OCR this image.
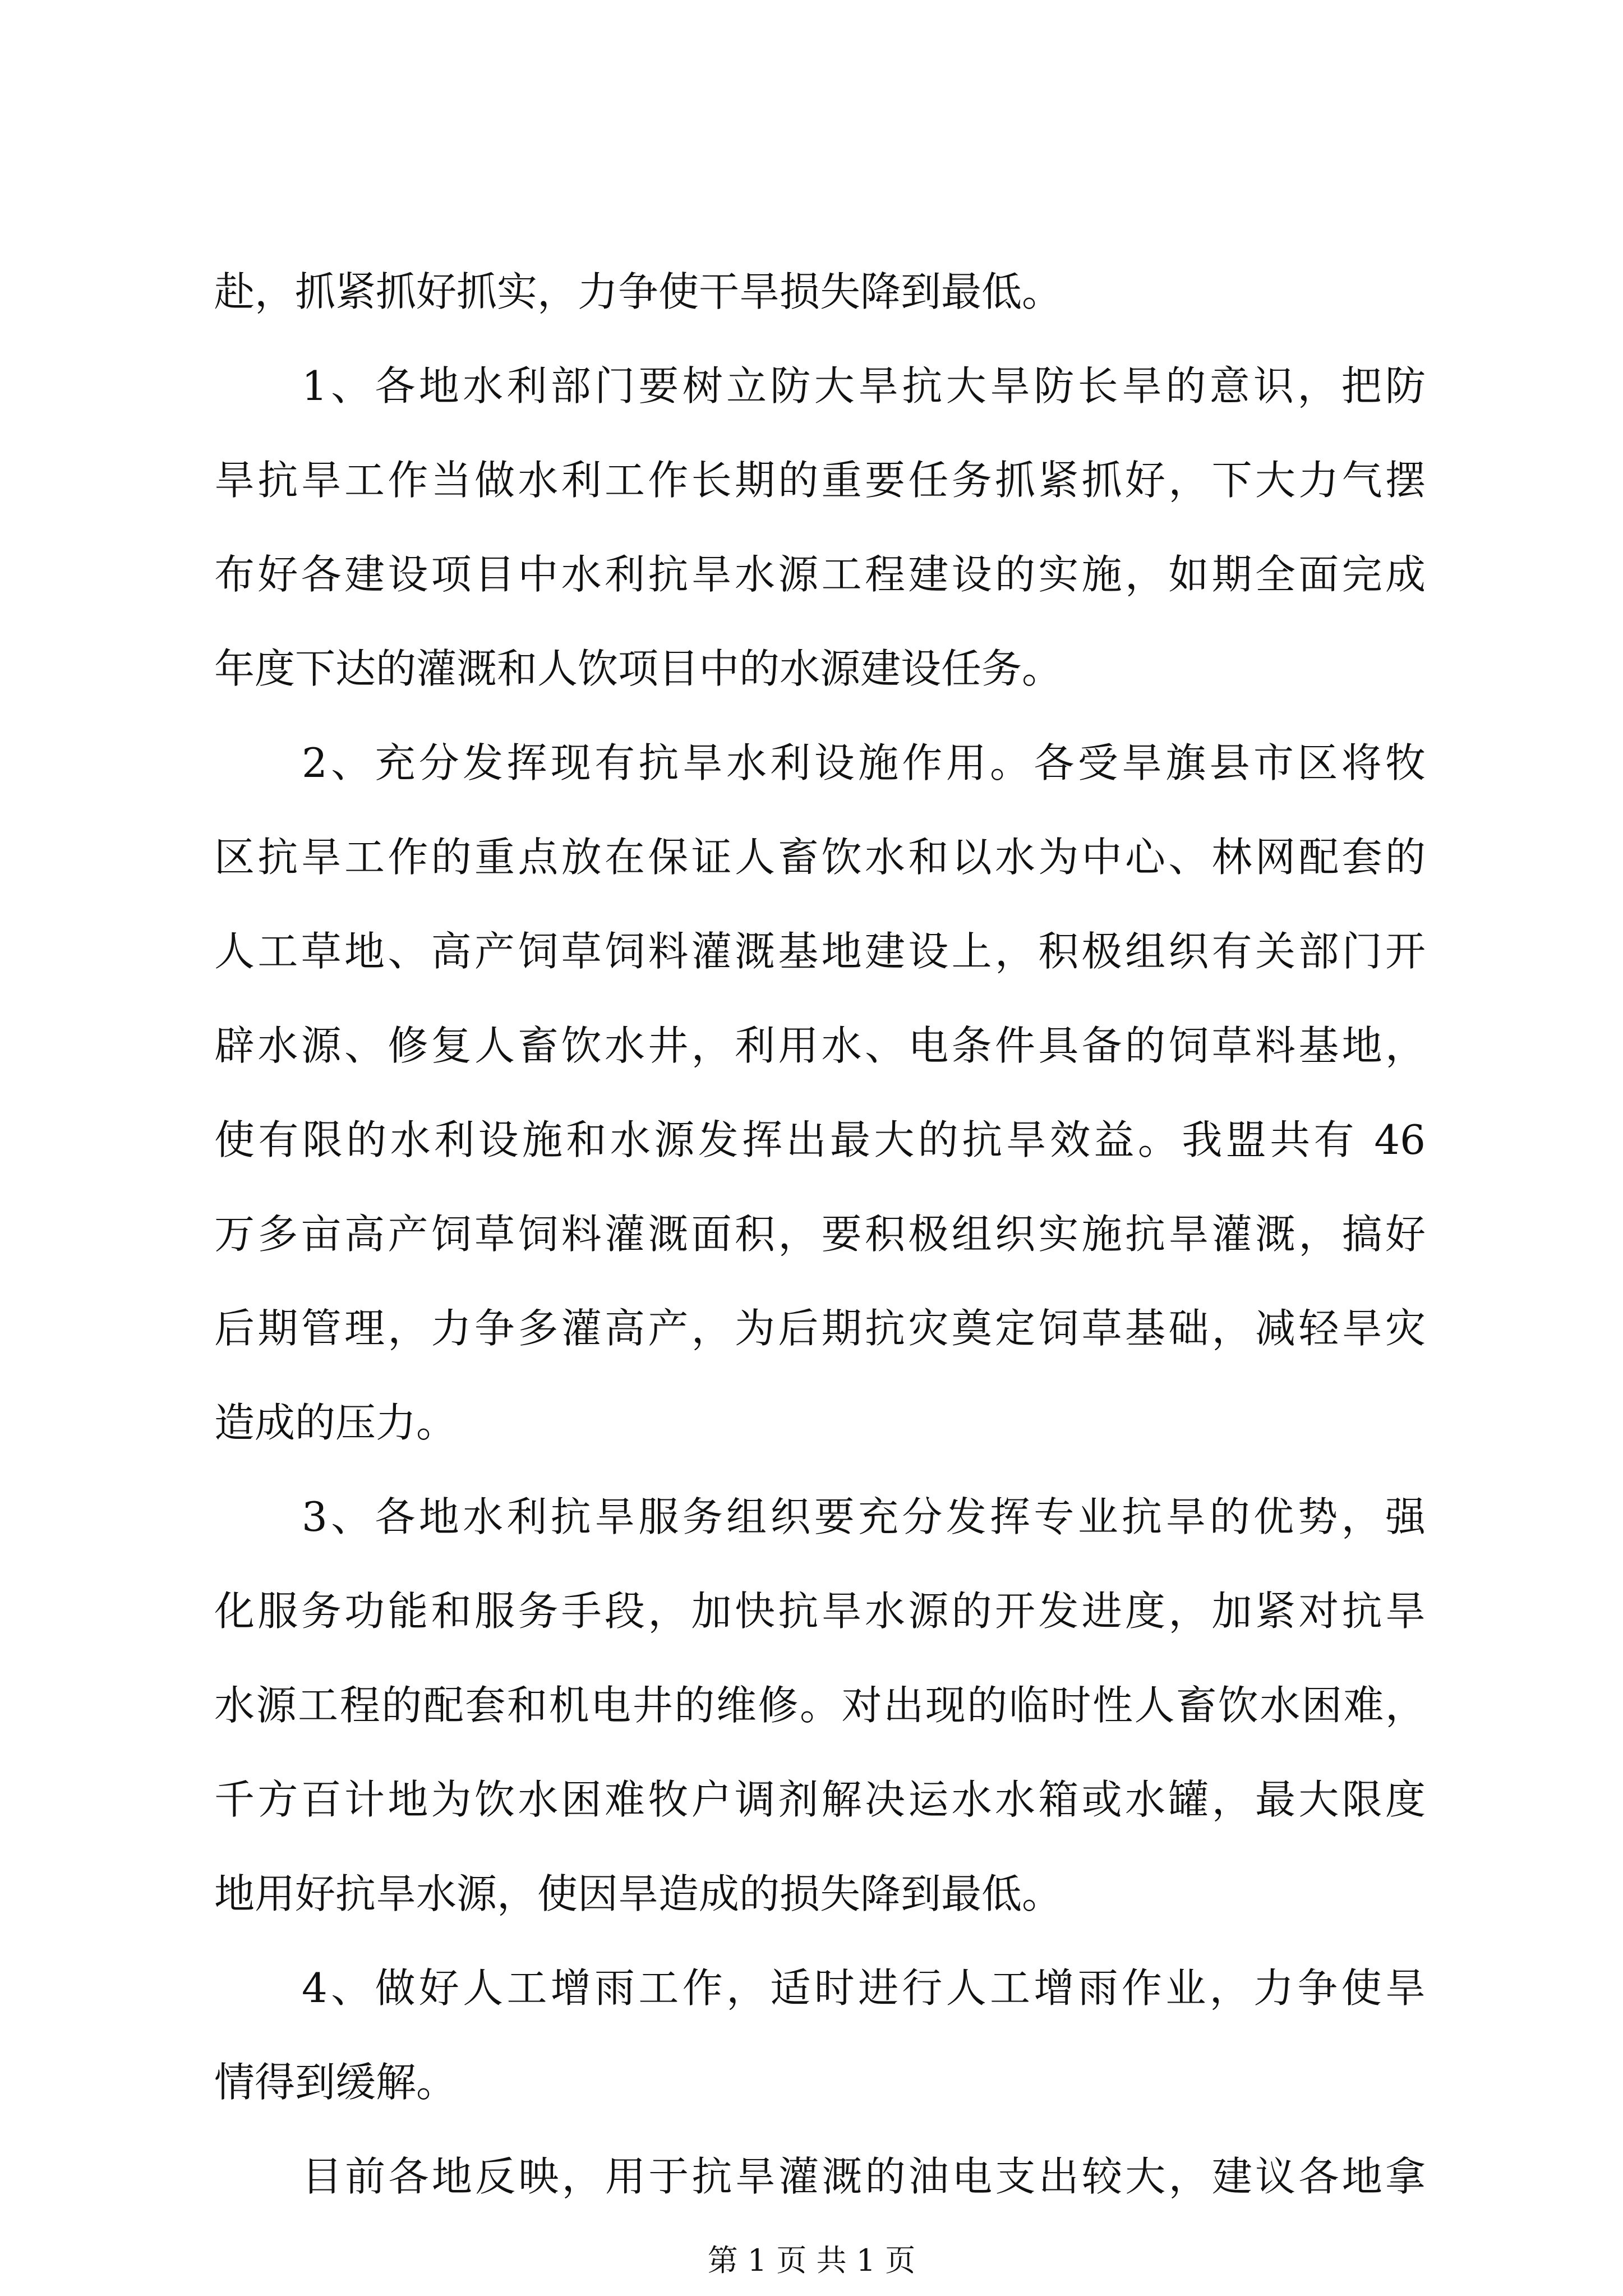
赴，抓紧抓好抓实，力争使干旱损失降到最低。

1、各地水利部门要树立防大旱抗大旱防长旱的意识，把防

旱抗旱工作当做水利工作长期的重要任务抓紧抓好，下大力气摆

布好各建设项目中水利抗旱水源工程建设的实施，如期全面完成

年度下达的灌溉和人饮项目中的水源建设任务。

2、充分发挥现有抗旱水利设施作用。各受旱旗县市区将牧

区抗旱工作的重点放在保证人畜饮水和以水为中心、林网配套的

人工草地、高产饲草饲料灌溉基地建设上，积极组织有关部门开

辟水源、修复人畜饮水井，利用水、电条件具备的饲草料基地，

使有限的水利设施和水源发挥出最大的抗旱效益。我盟共有 46

万多亩高产饲草饲料灌溉面积，要积极组织实施抗旱灌溉，搞好

后期管理，力争多灌高产，为后期抗灾奠定饲草基础，减轻旱灾

造成的压力。

3、各地水利抗旱服务组织要充分发挥专业抗旱的优势，强

化服务功能和服务手段，加快抗旱水源的开发进度，加紧对抗旱

水源工程的配套和机电井的维修。对出现的临时性人畜饮水困难，

千方百计地为饮水困难牧户调剂解决运水水箱或水罐，最大限度

地用好抗旱水源，使因旱造成的损失降到最低。

4、做好人工增雨工作，适时进行人工增雨作业，力争使旱

情得到缓解。

目前各地反映，用于抗旱灌溉的油电支出较大，建议各地拿

第 1 页 共 1 页
